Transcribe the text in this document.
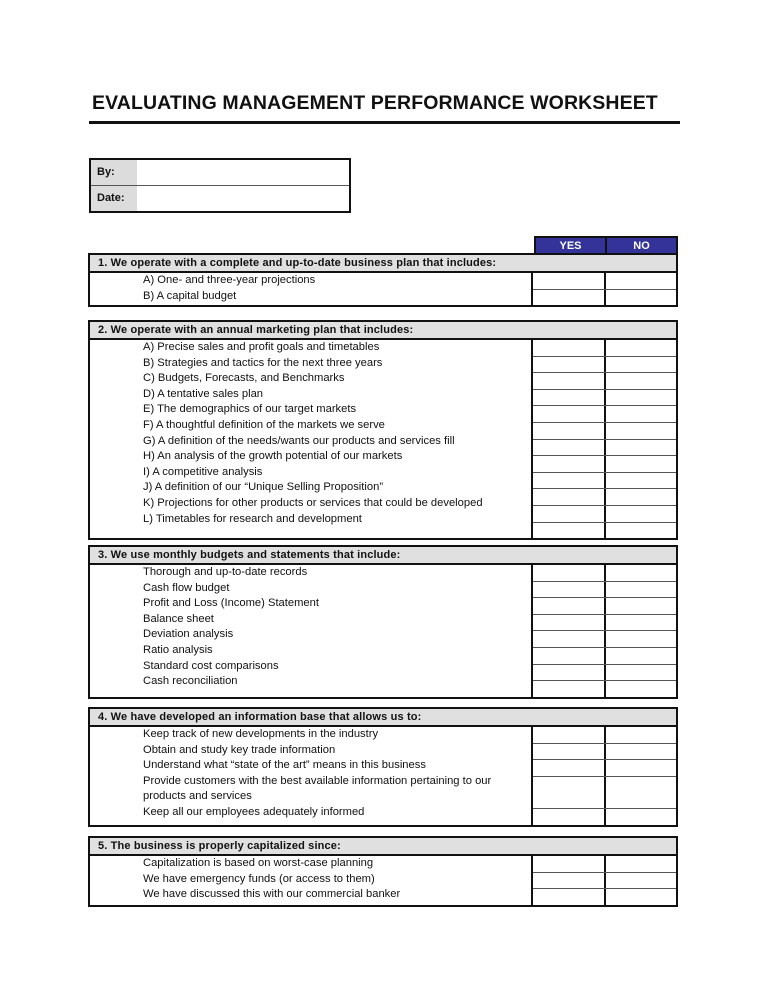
EVALUATING MANAGEMENT PERFORMANCE WORKSHEET
By:
Date:
YES	NO
1. We operate with a complete and up-to-date business plan that includes:
A) One- and three-year projections
B) A capital budget
2. We operate with an annual marketing plan that includes:
A) Precise sales and profit goals and timetables
B) Strategies and tactics for the next three years
C) Budgets, Forecasts, and Benchmarks
D) A tentative sales plan
E) The demographics of our target markets
F) A thoughtful definition of the markets we serve
G) A definition of the needs/wants our products and services fill
H) An analysis of the growth potential of our markets
I) A competitive analysis
J) A definition of our “Unique Selling Proposition”
K) Projections for other products or services that could be developed
L) Timetables for research and development
3. We use monthly budgets and statements that include:
Thorough and up-to-date records
Cash flow budget
Profit and Loss (Income) Statement
Balance sheet
Deviation analysis
Ratio analysis
Standard cost comparisons
Cash reconciliation
4. We have developed an information base that allows us to:
Keep track of new developments in the industry
Obtain and study key trade information
Understand what “state of the art” means in this business
Provide customers with the best available information pertaining to our products and services
Keep all our employees adequately informed
5. The business is properly capitalized since:
Capitalization is based on worst-case planning
We have emergency funds (or access to them)
We have discussed this with our commercial banker
